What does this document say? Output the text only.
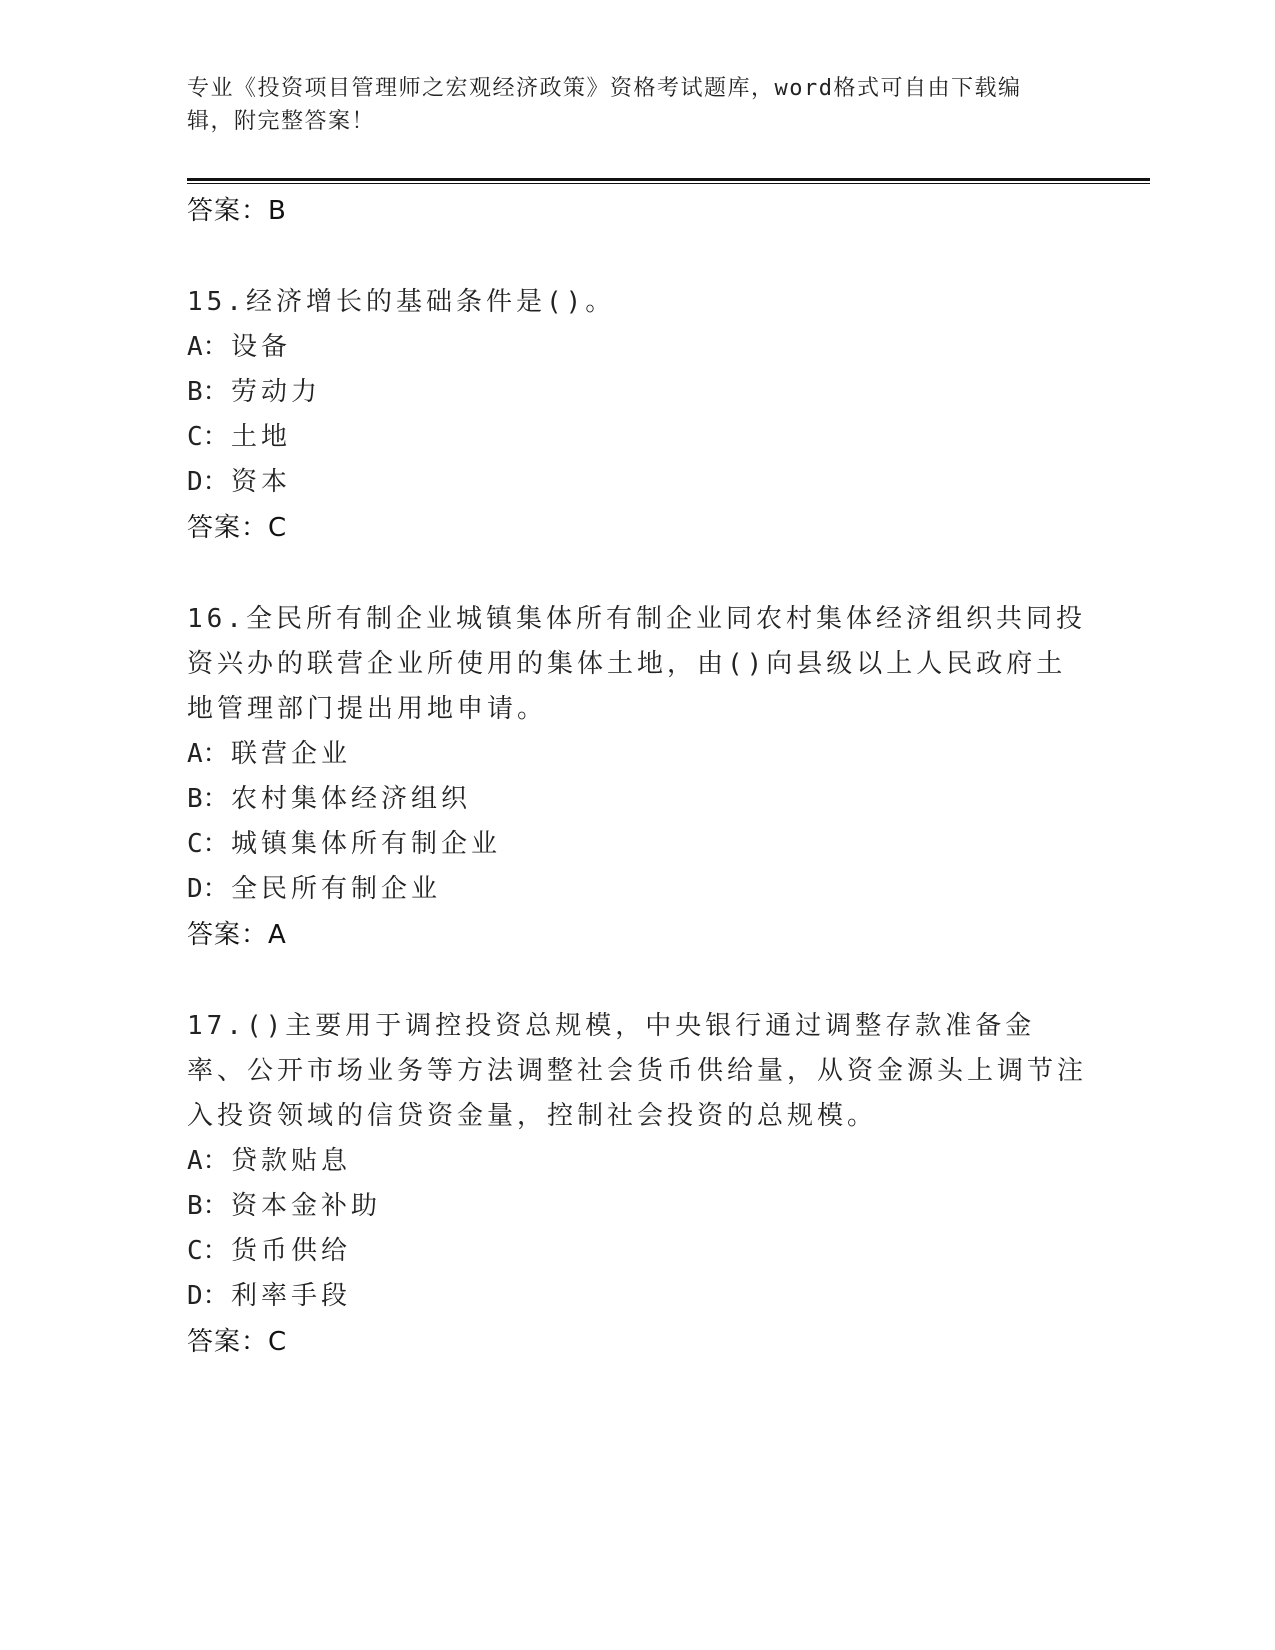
专业《投资项目管理师之宏观经济政策》资格考试题库，word格式可自由下载编辑，附完整答案！
答案：B

15.经济增长的基础条件是()。

A：设备
B：劳动力
C：土地
D：资本
答案：C

16.全民所有制企业城镇集体所有制企业同农村集体经济组织共同投资兴办的联营企业所使用的集体土地，由()向县级以上人民政府土地管理部门提出用地申请。

A：联营企业
B：农村集体经济组织
C：城镇集体所有制企业
D：全民所有制企业
答案：A

17.()主要用于调控投资总规模，中央银行通过调整存款准备金率、公开市场业务等方法调整社会货币供给量，从资金源头上调节注入投资领域的信贷资金量，控制社会投资的总规模。

A：贷款贴息
B：资本金补助
C：货币供给
D：利率手段
答案：C
